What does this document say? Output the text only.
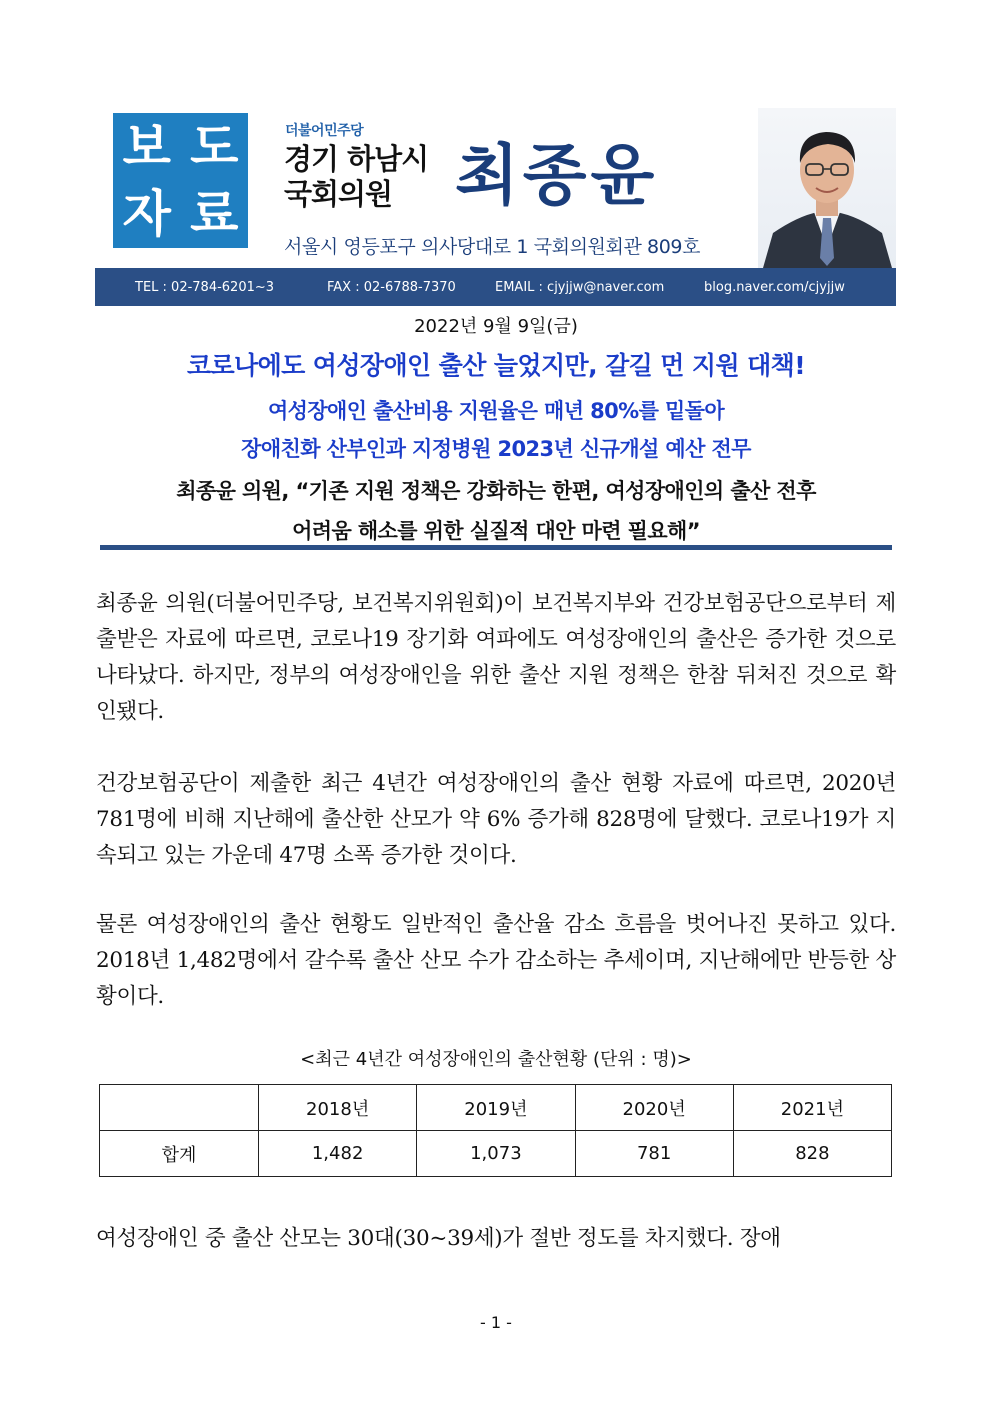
보 도
자 료
더불어민주당
경기 하남시
국회의원 최종윤
서울시 영등포구 의사당대로 1 국회의원회관 809호
TEL : 02-784-6201~3	FAX : 02-6788-7370	EMAIL : cjyjjw@naver.com	blog.naver.com/cjyjjw
2022년 9월 9일(금)
코로나에도 여성장애인 출산 늘었지만, 갈길 먼 지원 대책!
여성장애인 출산비용 지원율은 매년 80%를 밑돌아
장애친화 산부인과 지정병원 2023년 신규개설 예산 전무
최종윤 의원, “기존 지원 정책은 강화하는 한편, 여성장애인의 출산 전후
어려움 해소를 위한 실질적 대안 마련 필요해”

최종윤 의원(더불어민주당, 보건복지위원회)이 보건복지부와 건강보험공단으로부터 제출받은 자료에 따르면, 코로나19 장기화 여파에도 여성장애인의 출산은 증가한 것으로 나타났다. 하지만, 정부의 여성장애인을 위한 출산 지원 정책은 한참 뒤처진 것으로 확인됐다.

건강보험공단이 제출한 최근 4년간 여성장애인의 출산 현황 자료에 따르면, 2020년 781명에 비해 지난해에 출산한 산모가 약 6% 증가해 828명에 달했다. 코로나19가 지속되고 있는 가운데 47명 소폭 증가한 것이다.

물론 여성장애인의 출산 현황도 일반적인 출산율 감소 흐름을 벗어나진 못하고 있다. 2018년 1,482명에서 갈수록 출산 산모 수가 감소하는 추세이며, 지난해에만 반등한 상황이다.

<최근 4년간 여성장애인의 출산현황 (단위 : 명)>
	2018년	2019년	2020년	2021년
합계	1,482	1,073	781	828

여성장애인 중 출산 산모는 30대(30~39세)가 절반 정도를 차지했다. 장애

- 1 -
